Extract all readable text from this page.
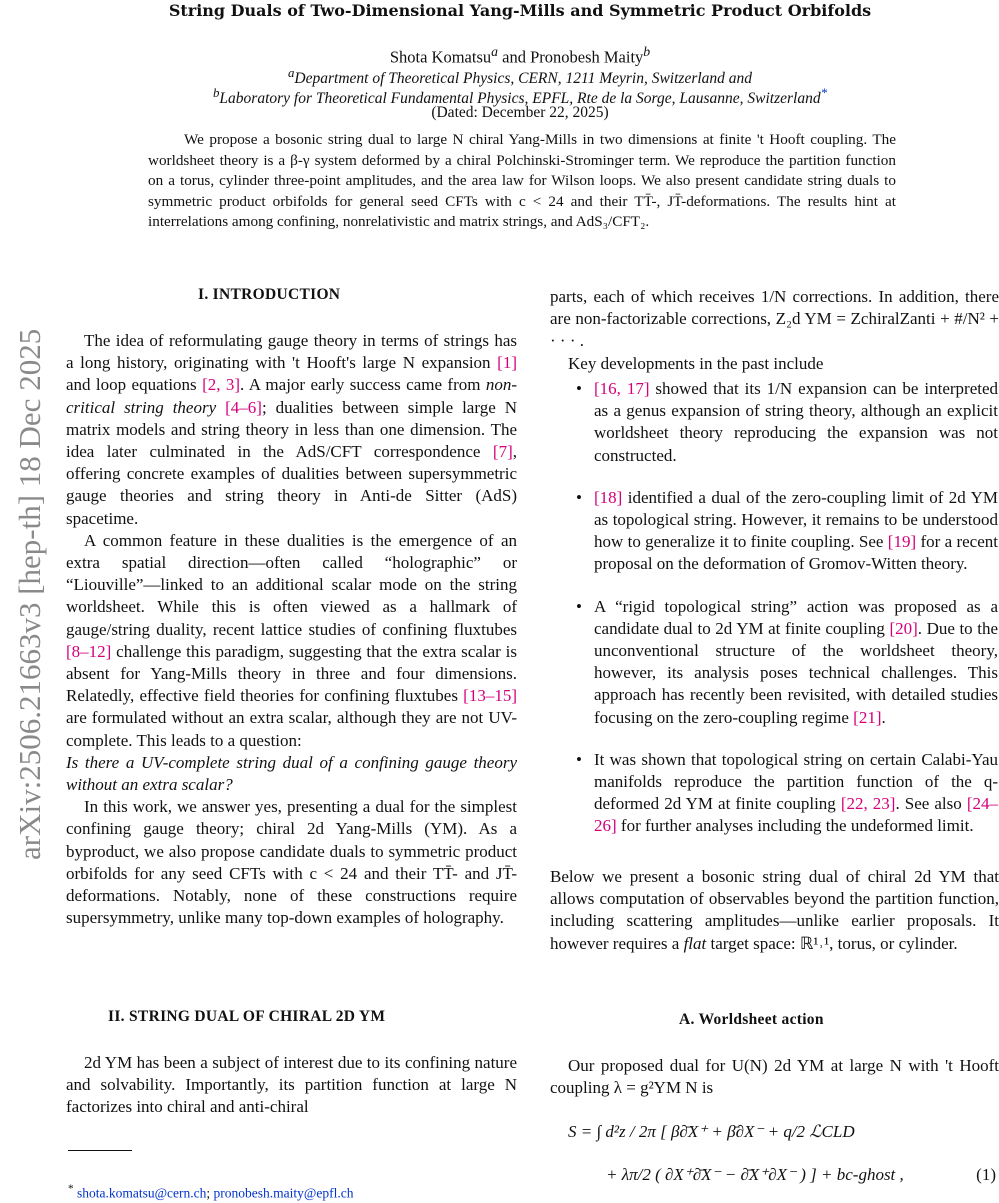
arXiv:2506.21663v3 [hep-th] 18 Dec 2025
String Duals of Two-Dimensional Yang-Mills and Symmetric Product Orbifolds
Shota Komatsu$^a$ and Pronobesh Maity$^b$
$^a$Department of Theoretical Physics, CERN, 1211 Meyrin, Switzerland and
$^b$Laboratory for Theoretical Fundamental Physics, EPFL, Rte de la Sorge, Lausanne, Switzerland*
(Dated: December 22, 2025)
We propose a bosonic string dual to large N chiral Yang-Mills in two dimensions at finite 't Hooft coupling. The worldsheet theory is a β-γ system deformed by a chiral Polchinski-Strominger term. We reproduce the partition function on a torus, cylinder three-point amplitudes, and the area law for Wilson loops. We also present candidate string duals to symmetric product orbifolds for general seed CFTs with c < 24 and their TT̄-, JT̄-deformations. The results hint at interrelations among confining, nonrelativistic and matrix strings, and AdS₃/CFT₂.
I. INTRODUCTION

The idea of reformulating gauge theory in terms of strings has a long history, originating with 't Hooft's large N expansion [1] and loop equations [2, 3]. A major early success came from non-critical string theory [4–6]; dualities between simple large N matrix models and string theory in less than one dimension. The idea later culminated in the AdS/CFT correspondence [7], offering concrete examples of dualities between supersymmetric gauge theories and string theory in Anti-de Sitter (AdS) spacetime.

A common feature in these dualities is the emergence of an extra spatial direction—often called “holographic” or “Liouville”—linked to an additional scalar mode on the string worldsheet. While this is often viewed as a hallmark of gauge/string duality, recent lattice studies of confining fluxtubes [8–12] challenge this paradigm, suggesting that the extra scalar is absent for Yang-Mills theory in three and four dimensions. Relatedly, effective field theories for confining fluxtubes [13–15] are formulated without an extra scalar, although they are not UV-complete. This leads to a question:

Is there a UV-complete string dual of a confining gauge theory without an extra scalar?

In this work, we answer yes, presenting a dual for the simplest confining gauge theory; chiral 2d Yang-Mills (YM). As a byproduct, we also propose candidate duals to symmetric product orbifolds for any seed CFTs with c < 24 and their TT̄- and JT̄-deformations. Notably, none of these constructions require supersymmetry, unlike many top-down examples of holography.

II. STRING DUAL OF CHIRAL 2D YM

2d YM has been a subject of interest due to its confining nature and solvability. Importantly, its partition function at large N factorizes into chiral and anti-chiral

* shota.komatsu@cern.ch; pronobesh.maity@epfl.ch

parts, each of which receives 1/N corrections. In addition, there are non-factorizable corrections, Z₂d YM = ZchiralZanti + #/N² + · · · .

Key developments in the past include

• [16, 17] showed that its 1/N expansion can be interpreted as a genus expansion of string theory, although an explicit worldsheet theory reproducing the expansion was not constructed.
• [18] identified a dual of the zero-coupling limit of 2d YM as topological string. However, it remains to be understood how to generalize it to finite coupling. See [19] for a recent proposal on the deformation of Gromov-Witten theory.
• A “rigid topological string” action was proposed as a candidate dual to 2d YM at finite coupling [20]. Due to the unconventional structure of the worldsheet theory, however, its analysis poses technical challenges. This approach has recently been revisited, with detailed studies focusing on the zero-coupling regime [21].
• It was shown that topological string on certain Calabi-Yau manifolds reproduce the partition function of the q-deformed 2d YM at finite coupling [22, 23]. See also [24–26] for further analyses including the undeformed limit.

Below we present a bosonic string dual of chiral 2d YM that allows computation of observables beyond the partition function, including scattering amplitudes—unlike earlier proposals. It however requires a flat target space: ℝ¹˒¹, torus, or cylinder.

A. Worldsheet action

Our proposed dual for U(N) 2d YM at large N with 't Hooft coupling λ = g²YM N is

S = ∫ d²z / 2π [ β∂̄X⁺ + β̄∂X⁻ + q/2 ℒCLD
+ λπ/2 ( ∂X⁺∂̄X⁻ − ∂̄X⁺∂X⁻ ) ] + bc-ghost ,	(1)
